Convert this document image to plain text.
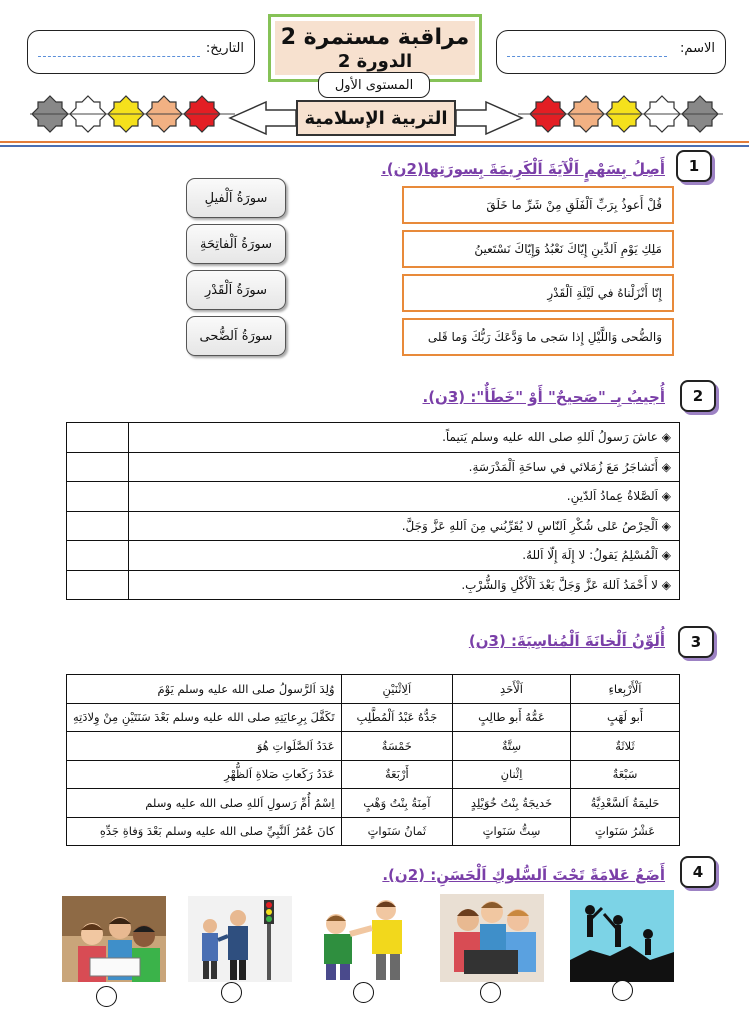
الاسم:
التاريخ:	مراقبة مستمرة 2
الدورة 2
المستوى الأول
التربية الإسلامية
1
أَصِلُ بِسَهْمٍ اَلْآيَةَ اَلْكَرِيمَةَ بِسورَتِها(2ن).
قُلْ أَعوذُ بِرَبِّ اَلْفَلَقِ مِنْ شَرِّ ما خَلَقَ
مَلِكِ يَوْمِ اَلدِّينِ إِيّاكَ نَعْبُدُ وَإِيّاكَ نَسْتَعينُ
إِنّا أَنْزَلْناهُ في لَيْلَةِ اَلْقَدْرِ
وَالضُّحى وَاللَّيْلِ إِذا سَجى ما وَدَّعَكَ رَبُّكَ وَما قَلى
سورَةُ اَلْفيلِ
سورَةُ اَلْفاتِحَةِ
سورَةُ اَلْقَدْرِ
سورَةُ اَلضُّحى
2
أُجيبُ بِـ "صَحيحٌ" أَوْ "خَطَأٌ": (3ن).
	◈ عاشَ رَسولُ اَللهِ صلى الله عليه وسلم يَتيماً.
	◈ أَتَشاجَرُ مَعَ زُمَلائي في ساحَةِ اَلْمَدْرَسَةِ.
	◈ اَلصَّلاةُ عِمادُ اَلدّينِ.
	◈ اَلْحِرْصُ عَلى شُكْرِ اَلنّاسِ لا يُقَرِّبُني مِنَ اَللهِ عَزَّ وَجَلَّ.
	◈ اَلْمُسْلِمُ يَقولُ: لا إِلَهَ إِلّا اَللهُ.
	◈ لا أَحْمَدُ اَللهَ عَزَّ وَجَلَّ بَعْدَ اَلْأَكْلِ وَالشُّرْبِ.
3
أُلَوِّنُ اَلْخانَةَ اَلْمُناسِبَةَ: (3ن)
وُلِدَ اَلرَّسولُ صلى الله عليه وسلم يَوْمَ	اَلِاثْنَيْنِ	اَلْأَحَدِ	اَلْأَرْبِعاءِ
تَكَفَّلَ بِرِعايَتِهِ صلى الله عليه وسلم بَعْدَ سَنَتَيْنِ مِنْ وِلادَتِهِ	جَدُّهُ عَبْدُ اَلْمُطَّلِبِ	عَمُّهُ أَبو طالِبٍ	أَبو لَهَبٍ
عَدَدُ اَلصَّلَواتِ هُوَ	خَمْسَةٌ	سِتَّةٌ	ثَلاثَةٌ
عَدَدُ رَكَعاتِ صَلاةِ اَلظُّهْرِ	أَرْبَعَةٌ	اِثْنانِ	سَبْعَةٌ
اِسْمُ أُمِّ رَسولِ اَللهِ صلى الله عليه وسلم	آمِنَةُ بِنْتُ وَهْبٍ	خَديجَةُ بِنْتُ خُوَيْلِدٍ	حَليمَةُ اَلسَّعْدِيَّةُ
كانَ عُمُرُ اَلنَّبِيِّ صلى الله عليه وسلم بَعْدَ وَفاةِ جَدِّهِ	ثَمانُ سَنَواتٍ	سِتُّ سَنَواتٍ	عَشْرُ سَنَواتٍ
4
أَضَعُ عَلامَةً تَحْتَ اَلسُّلوكِ اَلْحَسَنِ: (2ن).
